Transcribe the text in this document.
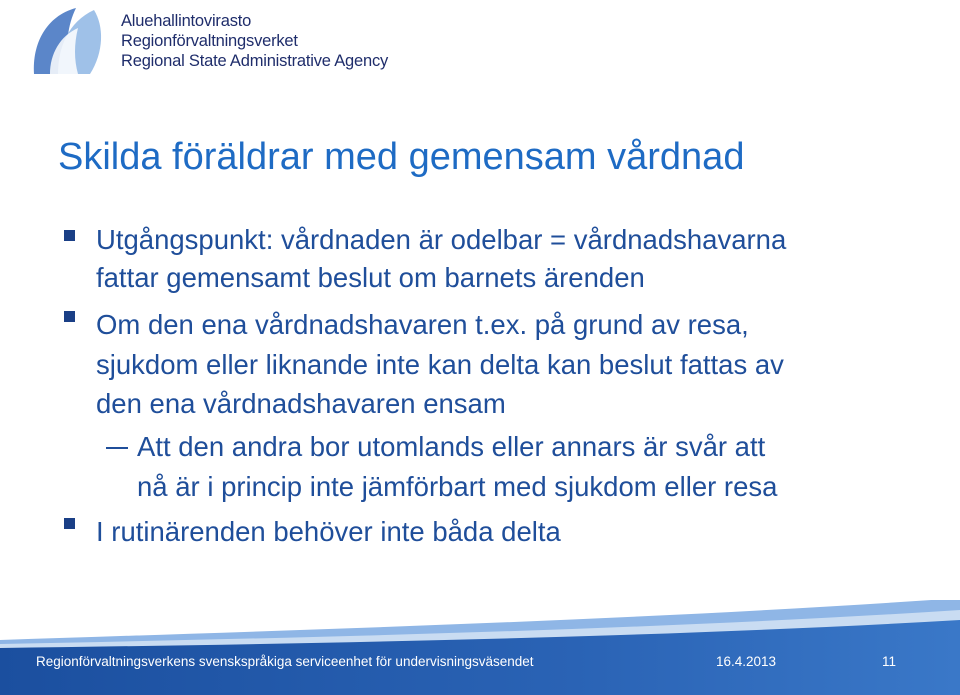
Aluehallintovirasto
Regionförvaltningsverket
Regional State Administrative Agency
Skilda föräldrar med gemensam vårdnad
Utgångspunkt: vårdnaden är odelbar = vårdnadshavarna
fattar gemensamt beslut om barnets ärenden
Om den ena vårdnadshavaren t.ex. på grund av resa,
sjukdom eller liknande inte kan delta kan beslut fattas av
den ena vårdnadshavaren ensam
Att den andra bor utomlands eller annars är svår att
nå är i princip inte jämförbart med sjukdom eller resa
I rutinärenden behöver inte båda delta
Regionförvaltningsverkens svenskspråkiga serviceenhet för undervisningsväsendet	16.4.2013	11
